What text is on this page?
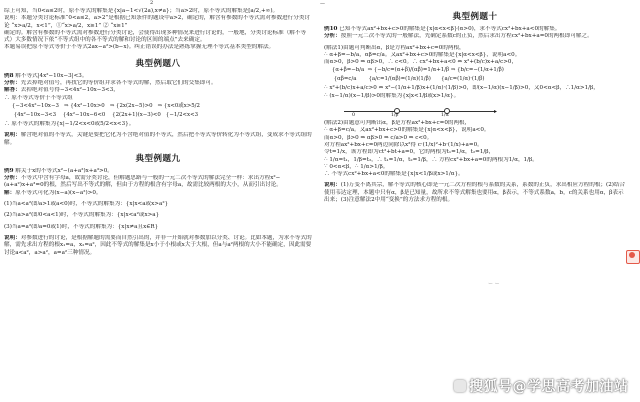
2	—
综上可知，当0<a≤2时，原不等式的解集是{x|a−1<√(2a),x≠a}；当a>2时，原不等式的解集是[a/2,+∞)。
说明：本题分类讨论标准“0<a≤2，a>2”是根据已知条件的题设中a>2，确定的，解含有参数的不等式需对参数进行分类讨论 “x>a/2，x<1”，①“x>a/2，x≥1” ② “x≥1”
确定的。解含有参数的不等式需对参数进行分类讨论，会使得出现多种情况来进行讨论的，一般地，分类讨论标准（解不等式）大多数情况下依“不等式组中的各不等式的解和讨论的区间的端点”去来确定。
本题易误把原不等式等价于不等式2ax−a²>(b−x)。纠正错误的办法是熟练掌握无理不等式基本类型的解法。
典型例题八
例8 解不等式|4x²−10x−3|<3。
分析：先去掉绝对值号，再找它的等价组并求各不等式的解，然后取它们的交集即可。
解答：去掉绝对值号得−3<4x²−10x−3<3，
∴ 原不等式等价于不等式组
{−3<4x²−10x−3   ⇒ {4x²−10x>0   ⇒ {2x(2x−5)>0   ⇒ {x<0或x>5/2
{4x²−10x−3<3    {4x²−10x−6<0    {2(2x+1)(x−3)<0   {−1/2<x<3
∴ 原不等式的解集为{x|−1/2<x<0或5/2<x<3}。
说明：解含绝对值的不等式，关键是要把它化为不含绝对值的不等式，然后把不等式等价转化为不等式组，变成求不等式组的解。
典型例题九
例9 解关于x的不等式x²−(a+a²)x+a³>0。
分析：不等式中含有字母a，故需分类讨论，但解题思路与一般的一元二次不等式的解法完全一样：求出方程x²−(a+a²)x+a³=0的根，然后写出不等式的解，但由于方程的根含有字母a，故需比较两根的大小，从而引出讨论。
解：原不等式可化为(x−a)(x−a²)>0。
(1)当a<a²(即a>1或a<0)时，不等式的解集为：{x|x<a或x>a²}
(2)当a>a²(即0<a<1)时，不等式的解集为：{x|x<a²或x>a}
(3)当a=a²(即a=0或1)时，不等式的解集为：{x|x≠a且x∈R}
说明：对参数进行的讨论，是根据解题的需要而自然引出的，并非一开始就对参数加以分类、讨论。比如本题，为求不等式的解，需先求出方程的根x₁=a，x₂=a²，因此不等式的解集是x小于小根或x大于大根，但a与a²两根的大小不能确定，因此需要讨论a<a²，a>a²，a=a²三种情况。
典型例题十
例10 已知不等式ax²+bx+c>0的解集是{x|α<x<β}(α>0)，求不等式cx²+bx+a<0的解集。
分析：按照一元二次不等式的一般解法，先确定系数c的正负，然后求出方程cx²+bx+a=0的两根即可解之。
(解法1)由题可判断出α，β是方程ax²+bx+c=0的两根，
∴ α+β=−b/a，αβ=c/a。又ax²+bx+c>0的解集是{x|α<x<β}，说明a<0。
而α>0，β>0 ⇒ αβ>0，∴ c<0。∴ cx²+bx+a<0 ⇔ x²+(b/c)x+a/c>0，
{α+β=−b/a  ⇒ {−b/c=(α+β)/(αβ)=1/α+1/β ⇒ {b/c=−(1/α+1/β)
{αβ=c/a       {a/c=1/(αβ)=(1/α)(1/β)      {a/c=(1/α)·(1/β)
∴ x²+(b/c)x+a/c>0 ⇔ x²−(1/α+1/β)x+(1/α)·(1/β)>0，即(x−1/α)(x−1/β)>0，又0<α<β，∴1/α>1/β，
∴ (x−1/α)(x−1/β)>0的解集为{x|x<1/β或x>1/α}。
▸
0	1/β	1/α
(解法2)由题意可判断出α，β是方程ax²+bx+c=0的两根，
∴ α+β=c/a。又ax²+bx+c>0的解集是{x|α<x<β}，说明a<0。
而α>0，β>0 ⇒ αβ>0 ⇒ c/a>0 ⇒ c<0。
对方程ax²+bx+c=0两边同除以x²得 c·(1/x)²+b·(1/x)+a=0。
令t=1/x，该方程即为ct²+bt+a=0，它的两根为t₁=1/α，t₂=1/β，
∴ 1/α=t₁，1/β=t₂，∴ t₁=1/α，t₂=1/β，∴ 方程cx²+bx+a=0的两根为1/α，1/β。
∵ 0<α<β，∴ 1/α>1/β。
∴ 不等式cx²+bx+a<0的解集是{x|x<1/β或x>1/α}。
说明：(1)万变不离其宗，解不等式的核心即是一元二次方程的根与系数的关系，系数的正负，求出相应方程的根；(2)结合使用韦达定理，本题中只有α，β是已知量，故所求不等式解集也要用α，β表示，不等式系数a，b，c的关系也用α，β表示出来；(3)注意解法2中用“变换”的方法求方程的根。
ー ー
搜狐号@学思高考加油站
